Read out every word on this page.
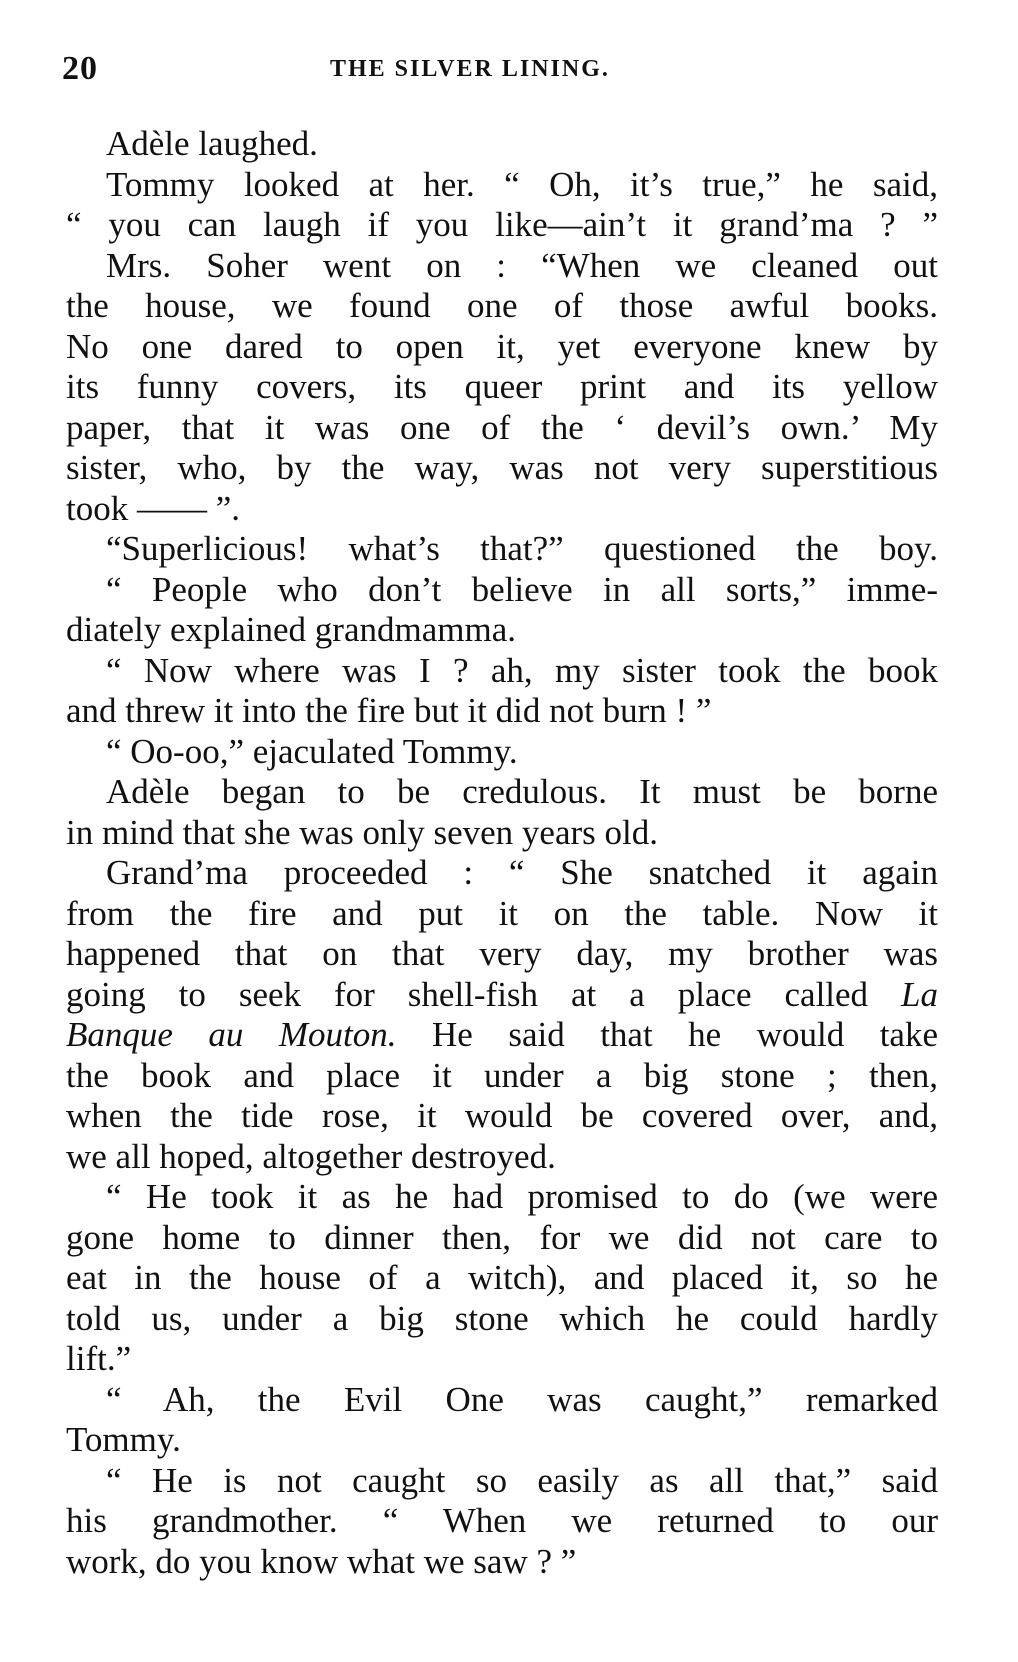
20	THE SILVER LINING.
Adèle laughed.
Tommy looked at her. “ Oh, it’s true,” he said,
“ you can laugh if you like—ain’t it grand’ma ? ”
Mrs. Soher went on : “When we cleaned out
the house, we found one of those awful books.
No one dared to open it, yet everyone knew by
its funny covers, its queer print and its yellow
paper, that it was one of the ‘ devil’s own.’ My
sister, who, by the way, was not very superstitious
took —— ”.
“Superlicious! what’s that?” questioned the boy.
“ People who don’t believe in all sorts,” imme-
diately explained grandmamma.
“ Now where was I ? ah, my sister took the book
and threw it into the fire but it did not burn ! ”
“ Oo-oo,” ejaculated Tommy.
Adèle began to be credulous. It must be borne
in mind that she was only seven years old.
Grand’ma proceeded : “ She snatched it again
from the fire and put it on the table. Now it
happened that on that very day, my brother was
going to seek for shell-fish at a place called La
Banque au Mouton. He said that he would take
the book and place it under a big stone ; then,
when the tide rose, it would be covered over, and,
we all hoped, altogether destroyed.
“ He took it as he had promised to do (we were
gone home to dinner then, for we did not care to
eat in the house of a witch), and placed it, so he
told us, under a big stone which he could hardly
lift.”
“ Ah, the Evil One was caught,” remarked
Tommy.
“ He is not caught so easily as all that,” said
his grandmother. “ When we returned to our
work, do you know what we saw ? ”
